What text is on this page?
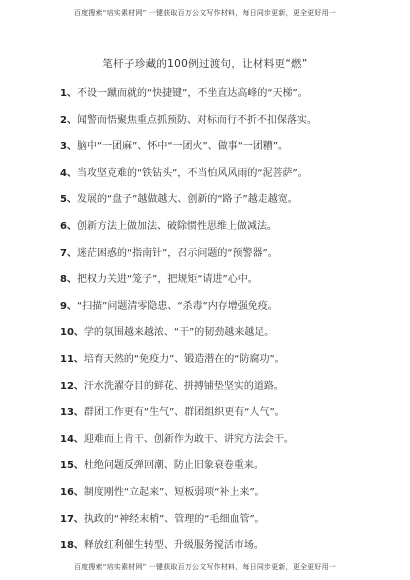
百度搜索“培实素材网” 一键获取百万公文写作材料，每日同步更新，更全更好用一
笔杆子珍藏的100例过渡句，让材料更“燃”
1、不设一蹴而就的“快捷键”，不坐直达高峰的“天梯”。
2、闻警而悟聚焦重点抓预防、对标而行不折不扣保落实。
3、脑中“一团麻”、怀中“一团火”、做事“一团糟”。
4、当攻坚克难的“铁钻头”，不当怕风风雨的“泥菩萨”。
5、发展的“盘子”越做越大、创新的“路子”越走越宽。
6、创新方法上做加法、破除惯性思维上做减法。
7、迷茫困惑的“指南针”，召示问题的“预警器”。
8、把权力关进“笼子”，把规矩“请进”心中。
9、“扫描”问题清零隐患、“杀毒”内存增强免疫。
10、学的氛围越来越浓、“干”的韧劲越来越足。
11、培育天然的“免疫力”、锻造潜在的“防腐功”。
12、汗水洗濯夺目的鲜花、拼搏铺垫坚实的道路。
13、群团工作更有“生气”、群团组织更有“人气”。
14、迎难而上肯干、创新作为敢干、讲究方法会干。
15、杜绝问题反弹回潮、防止旧象衰卷重来。
16、制度刚性“立起来”、短板弱项“补上来”。
17、执政的“神经末梢”、管理的“毛细血管”。
18、释放红利催生转型、升级服务搅活市场。
百度搜索“培实素材网” 一键获取百万公文写作材料，每日同步更新，更全更好用一
